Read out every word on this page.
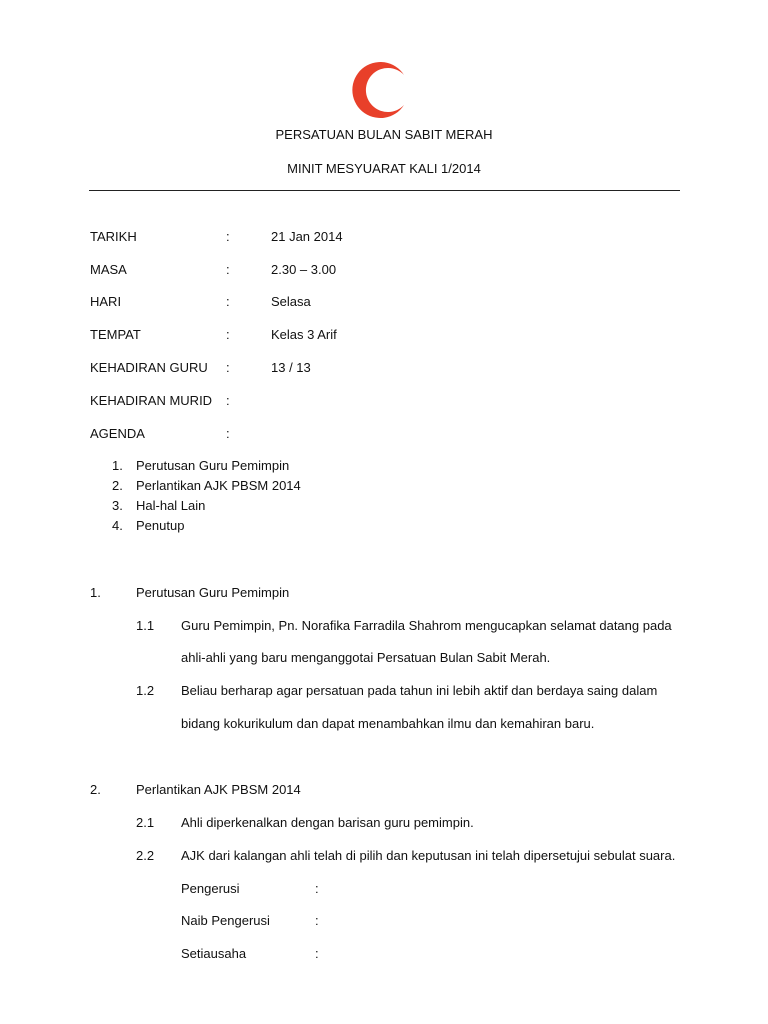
PERSATUAN BULAN SABIT MERAH
MINIT MESYUARAT KALI 1/2014
TARIKH	:	21 Jan 2014
MASA	:	2.30 – 3.00
HARI	:	Selasa
TEMPAT	:	Kelas 3 Arif
KEHADIRAN GURU :	13 / 13
KEHADIRAN MURID :
AGENDA	:
1. Perutusan Guru Pemimpin
2. Perlantikan AJK PBSM 2014
3. Hal-hal Lain
4. Penutup
1.	Perutusan Guru Pemimpin
1.1 Guru Pemimpin, Pn. Norafika Farradila Shahrom mengucapkan selamat datang pada
ahli-ahli yang baru menganggotai Persatuan Bulan Sabit Merah.
1.2 Beliau berharap agar persatuan pada tahun ini lebih aktif dan berdaya saing dalam
bidang kokurikulum dan dapat menambahkan ilmu dan kemahiran baru.
2.	Perlantikan AJK PBSM 2014
2.1 Ahli diperkenalkan dengan barisan guru pemimpin.
2.2 AJK dari kalangan ahli telah di pilih dan keputusan ini telah dipersetujui sebulat suara.
Pengerusi	:
Naib Pengerusi	:
Setiausaha	:
